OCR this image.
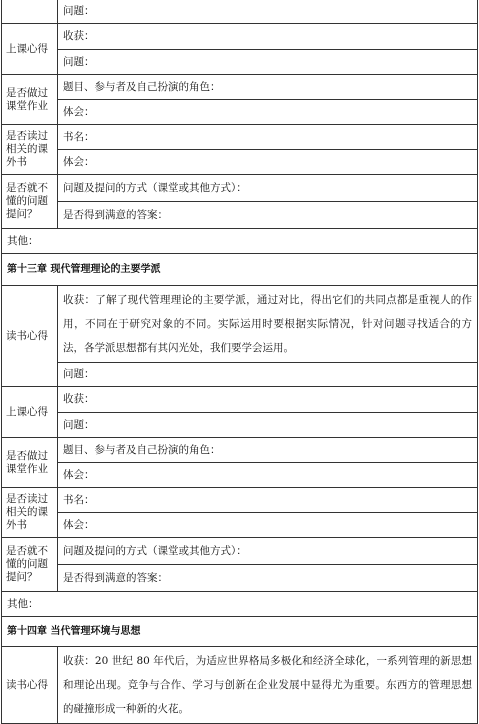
	问题：
上课心得	收获：
	问题：
是否做过课堂作业	题目、参与者及自己扮演的角色：
	体会：
是否读过相关的课外书	书名：
	体会：
是否就不懂的问题提问？	问题及提问的方式（课堂或其他方式）：
	是否得到满意的答案：
其他：	
第十三章 现代管理理论的主要学派	
读书心得	收获：了解了现代管理理论的主要学派，通过对比，得出它们的共同点都是重视人的作用，不同在于研究对象的不同。实际运用时要根据实际情况，针对问题寻找适合的方法，各学派思想都有其闪光处，我们要学会运用。
	问题：
上课心得	收获：
	问题：
是否做过课堂作业	题目、参与者及自己扮演的角色：
	体会：
是否读过相关的课外书	书名：
	体会：
是否就不懂的问题提问？	问题及提问的方式（课堂或其他方式）：
	是否得到满意的答案：
其他：	
第十四章 当代管理环境与思想	
读书心得	收获：20 世纪 80 年代后，为适应世界格局多极化和经济全球化，一系列管理的新思想和理论出现。竞争与合作、学习与创新在企业发展中显得尤为重要。东西方的管理思想的碰撞形成一种新的火花。
